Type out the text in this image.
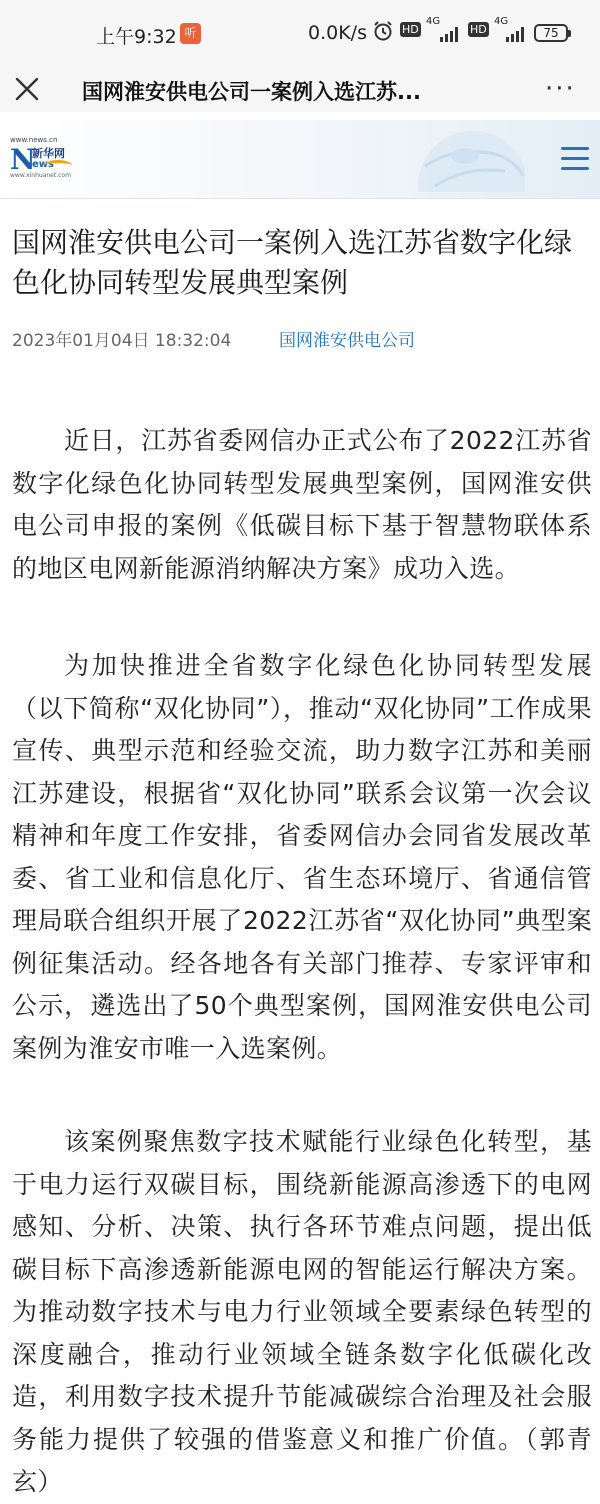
上午9:32 听	0.0K/s	HD
4G
HD
4G
75
国网淮安供电公司一案例入选江苏...	···
www.news.cn
N
新华网
ews
www.xinhuanet.com
国网淮安供电公司一案例入选江苏省数字化绿色化协同转型发展典型案例
2023年01月04日 18:32:04	国网淮安供电公司
近日，江苏省委网信办正式公布了2022江苏省数字化绿色化协同转型发展典型案例，国网淮安供电公司申报的案例《低碳目标下基于智慧物联体系的地区电网新能源消纳解决方案》成功入选。
为加快推进全省数字化绿色化协同转型发展（以下简称“双化协同”），推动“双化协同”工作成果宣传、典型示范和经验交流，助力数字江苏和美丽江苏建设，根据省“双化协同”联系会议第一次会议精神和年度工作安排，省委网信办会同省发展改革委、省工业和信息化厅、省生态环境厅、省通信管理局联合组织开展了2022江苏省“双化协同”典型案例征集活动。经各地各有关部门推荐、专家评审和公示，遴选出了50个典型案例，国网淮安供电公司案例为淮安市唯一入选案例。
该案例聚焦数字技术赋能行业绿色化转型，基于电力运行双碳目标，围绕新能源高渗透下的电网感知、分析、决策、执行各环节难点问题，提出低碳目标下高渗透新能源电网的智能运行解决方案。为推动数字技术与电力行业领域全要素绿色转型的深度融合，推动行业领域全链条数字化低碳化改造，利用数字技术提升节能减碳综合治理及社会服务能力提供了较强的借鉴意义和推广价值。（郭青玄）
